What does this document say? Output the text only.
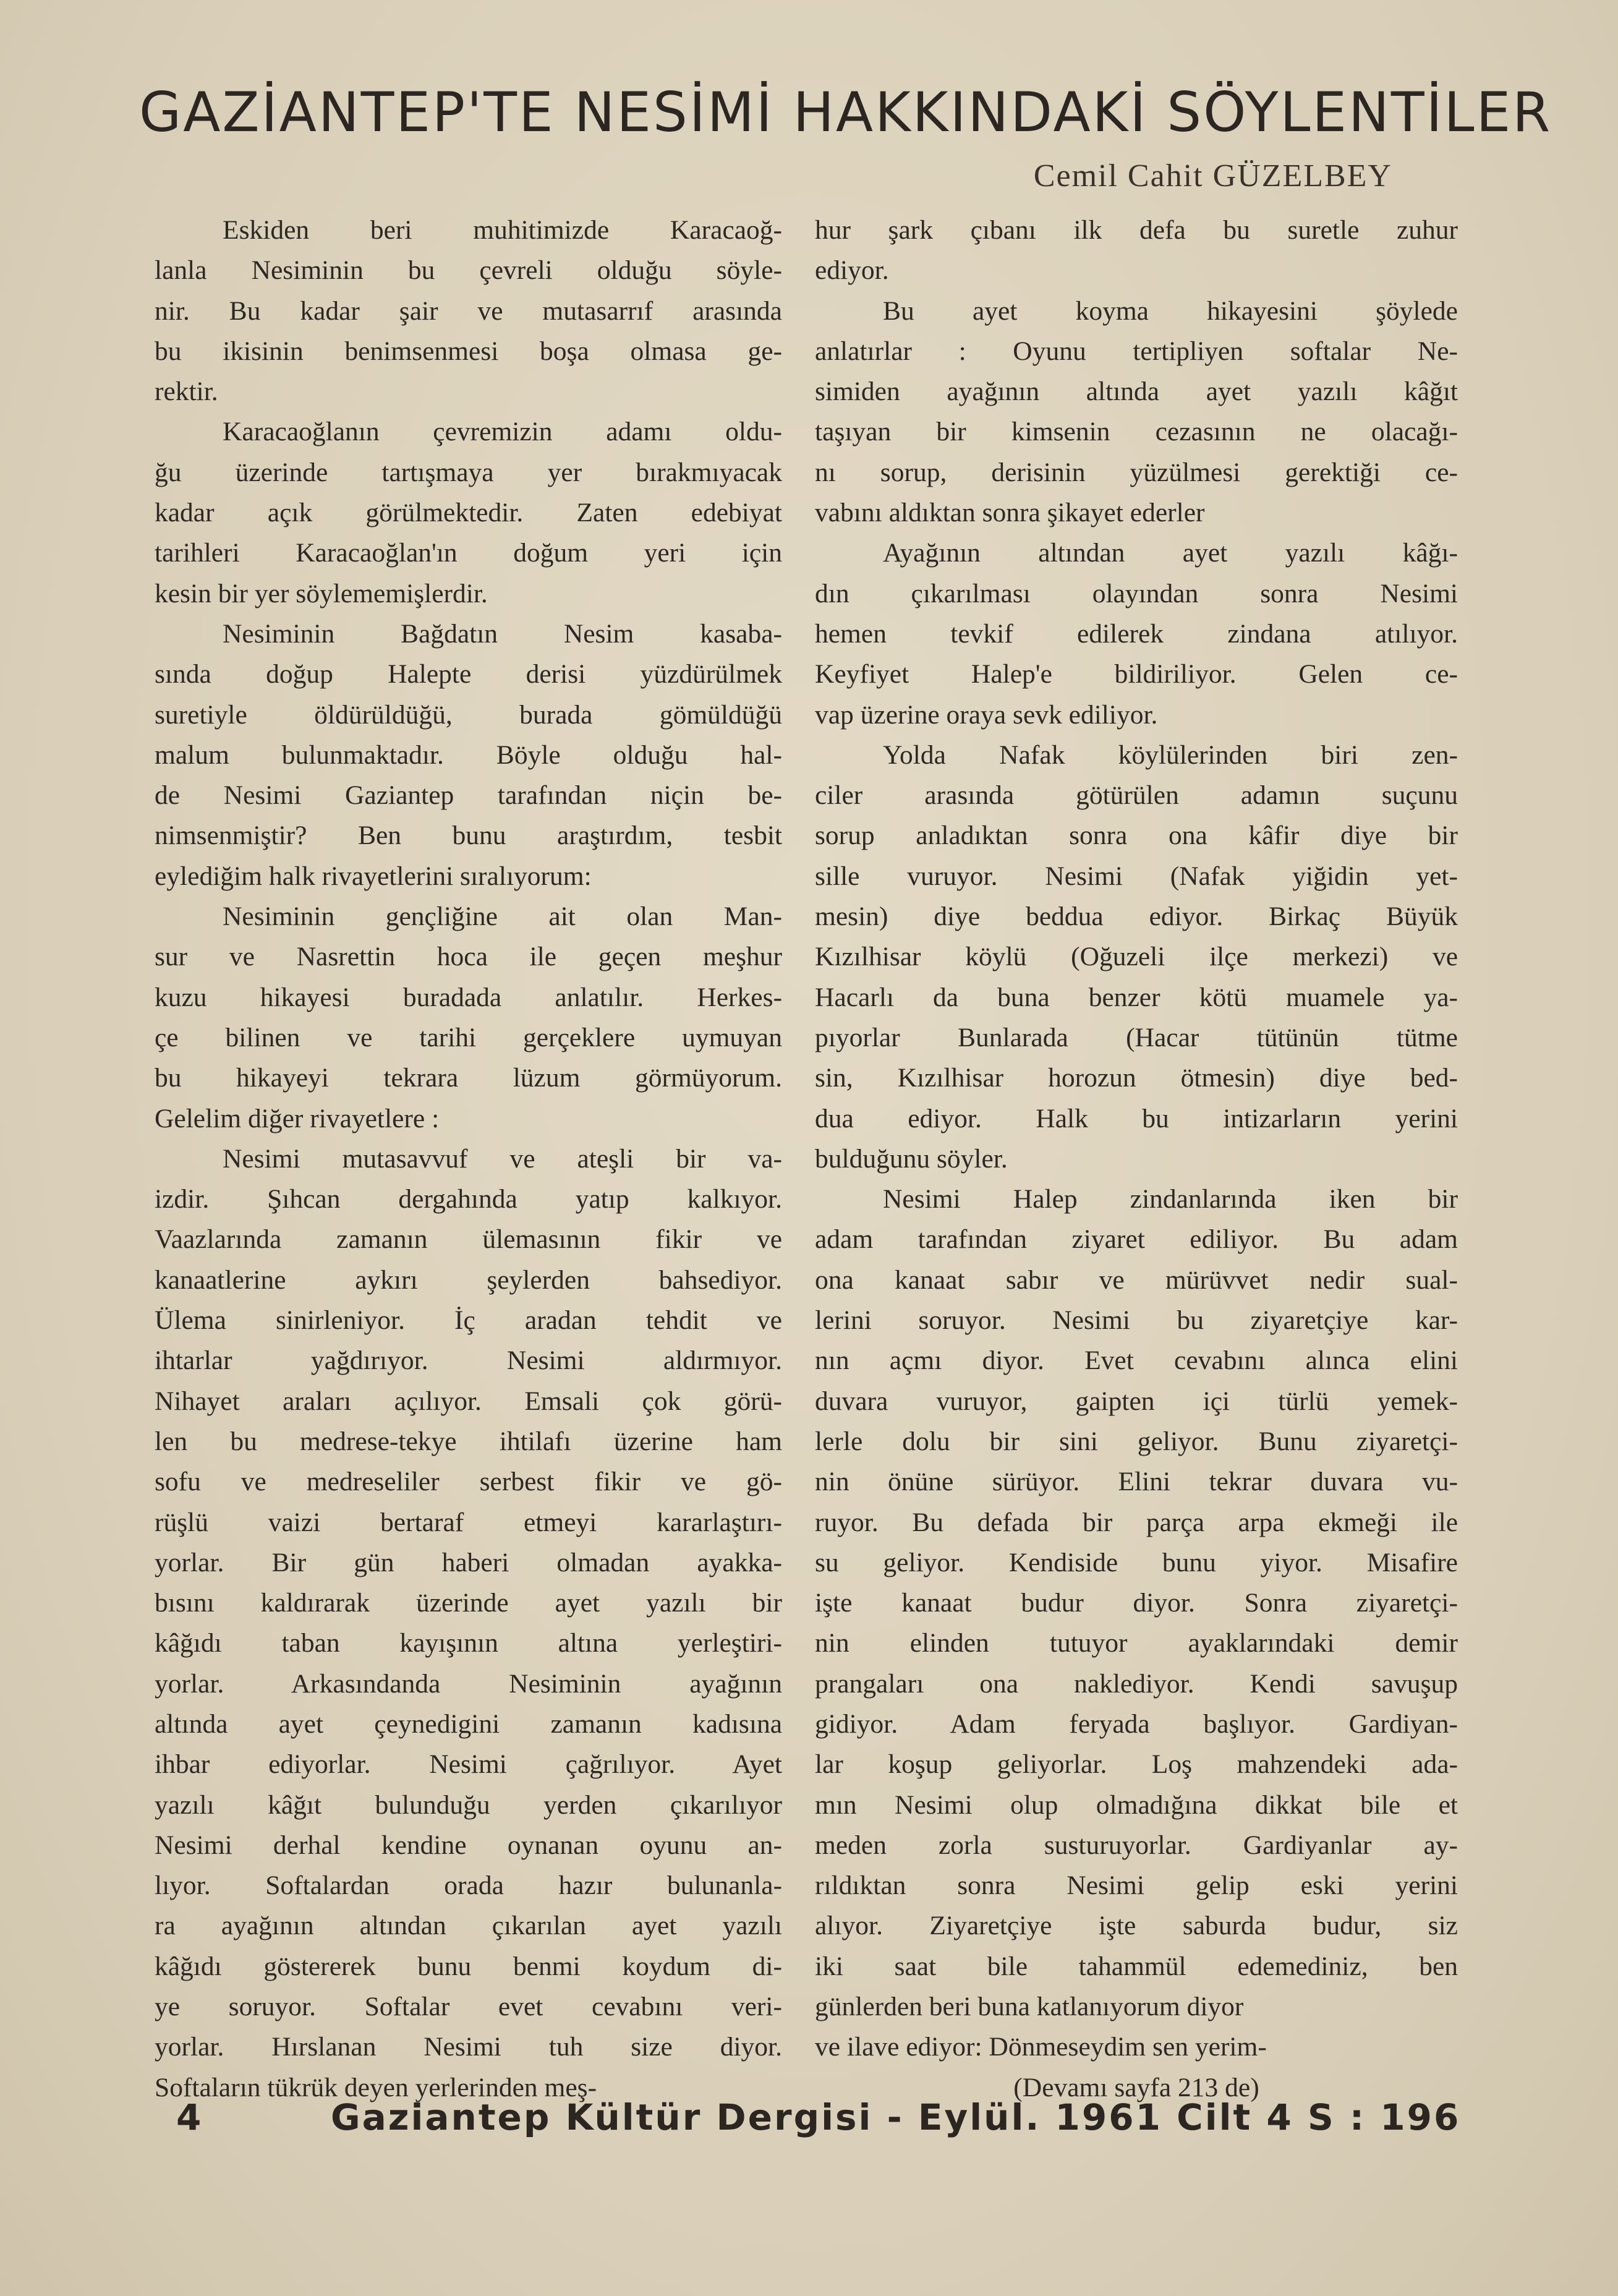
GAZİANTEP'TE NESİMİ HAKKINDAKİ SÖYLENTİLER
Cemil Cahit GÜZELBEY
Eskiden beri muhitimizde Karacaoğ-
lanla Nesiminin bu çevreli olduğu söyle-
nir. Bu kadar şair ve mutasarrıf arasında
bu ikisinin benimsenmesi boşa olmasa ge-
rektir.
Karacaoğlanın çevremizin adamı oldu-
ğu üzerinde tartışmaya yer bırakmıyacak
kadar açık görülmektedir. Zaten edebiyat
tarihleri Karacaoğlan'ın doğum yeri için
kesin bir yer söylememişlerdir.
Nesiminin Bağdatın Nesim kasaba-
sında doğup Halepte derisi yüzdürülmek
suretiyle öldürüldüğü, burada gömüldüğü
malum bulunmaktadır. Böyle olduğu hal-
de Nesimi Gaziantep tarafından niçin be-
nimsenmiştir? Ben bunu araştırdım, tesbit
eylediğim halk rivayetlerini sıralıyorum:
Nesiminin gençliğine ait olan Man-
sur ve Nasrettin hoca ile geçen meşhur
kuzu hikayesi buradada anlatılır. Herkes-
çe bilinen ve tarihi gerçeklere uymuyan
bu hikayeyi tekrara lüzum görmüyorum.
Gelelim diğer rivayetlere :
Nesimi mutasavvuf ve ateşli bir va-
izdir. Şıhcan dergahında yatıp kalkıyor.
Vaazlarında zamanın ülemasının fikir ve
kanaatlerine aykırı şeylerden bahsediyor.
Ülema sinirleniyor. İç aradan tehdit ve
ihtarlar yağdırıyor. Nesimi aldırmıyor.
Nihayet araları açılıyor. Emsali çok görü-
len bu medrese-tekye ihtilafı üzerine ham
sofu ve medreseliler serbest fikir ve gö-
rüşlü vaizi bertaraf etmeyi kararlaştırı-
yorlar. Bir gün haberi olmadan ayakka-
bısını kaldırarak üzerinde ayet yazılı bir
kâğıdı taban kayışının altına yerleştiri-
yorlar. Arkasındanda Nesiminin ayağının
altında ayet çeynedigini zamanın kadısına
ihbar ediyorlar. Nesimi çağrılıyor. Ayet
yazılı kâğıt bulunduğu yerden çıkarılıyor
Nesimi derhal kendine oynanan oyunu an-
lıyor. Softalardan orada hazır bulunanla-
ra ayağının altından çıkarılan ayet yazılı
kâğıdı göstererek bunu benmi koydum di-
ye soruyor. Softalar evet cevabını veri-
yorlar. Hırslanan Nesimi tuh size diyor.
Softaların tükrük deyen yerlerinden meş-
hur şark çıbanı ilk defa bu suretle zuhur
ediyor.
Bu ayet koyma hikayesini şöylede
anlatırlar : Oyunu tertipliyen softalar Ne-
simiden ayağının altında ayet yazılı kâğıt
taşıyan bir kimsenin cezasının ne olacağı-
nı sorup, derisinin yüzülmesi gerektiği ce-
vabını aldıktan sonra şikayet ederler
Ayağının altından ayet yazılı kâğı-
dın çıkarılması olayından sonra Nesimi
hemen tevkif edilerek zindana atılıyor.
Keyfiyet Halep'e bildiriliyor. Gelen ce-
vap üzerine oraya sevk ediliyor.
Yolda Nafak köylülerinden biri zen-
ciler arasında götürülen adamın suçunu
sorup anladıktan sonra ona kâfir diye bir
sille vuruyor. Nesimi (Nafak yiğidin yet-
mesin) diye beddua ediyor. Birkaç Büyük
Kızılhisar köylü (Oğuzeli ilçe merkezi) ve
Hacarlı da buna benzer kötü muamele ya-
pıyorlar Bunlarada (Hacar tütünün tütme
sin, Kızılhisar horozun ötmesin) diye bed-
dua ediyor. Halk bu intizarların yerini
bulduğunu söyler.
Nesimi Halep zindanlarında iken bir
adam tarafından ziyaret ediliyor. Bu adam
ona kanaat sabır ve mürüvvet nedir sual-
lerini soruyor. Nesimi bu ziyaretçiye kar-
nın açmı diyor. Evet cevabını alınca elini
duvara vuruyor, gaipten içi türlü yemek-
lerle dolu bir sini geliyor. Bunu ziyaretçi-
nin önüne sürüyor. Elini tekrar duvara vu-
ruyor. Bu defada bir parça arpa ekmeği ile
su geliyor. Kendiside bunu yiyor. Misafire
işte kanaat budur diyor. Sonra ziyaretçi-
nin elinden tutuyor ayaklarındaki demir
prangaları ona naklediyor. Kendi savuşup
gidiyor. Adam feryada başlıyor. Gardiyan-
lar koşup geliyorlar. Loş mahzendeki ada-
mın Nesimi olup olmadığına dikkat bile et
meden zorla susturuyorlar. Gardiyanlar ay-
rıldıktan sonra Nesimi gelip eski yerini
alıyor. Ziyaretçiye işte saburda budur, siz
iki saat bile tahammül edemediniz, ben
günlerden beri buna katlanıyorum diyor
ve ilave ediyor: Dönmeseydim sen yerim-
(Devamı sayfa 213 de)
4	Gaziantep Kültür Dergisi - Eylül. 1961 Cilt 4 S : 196
